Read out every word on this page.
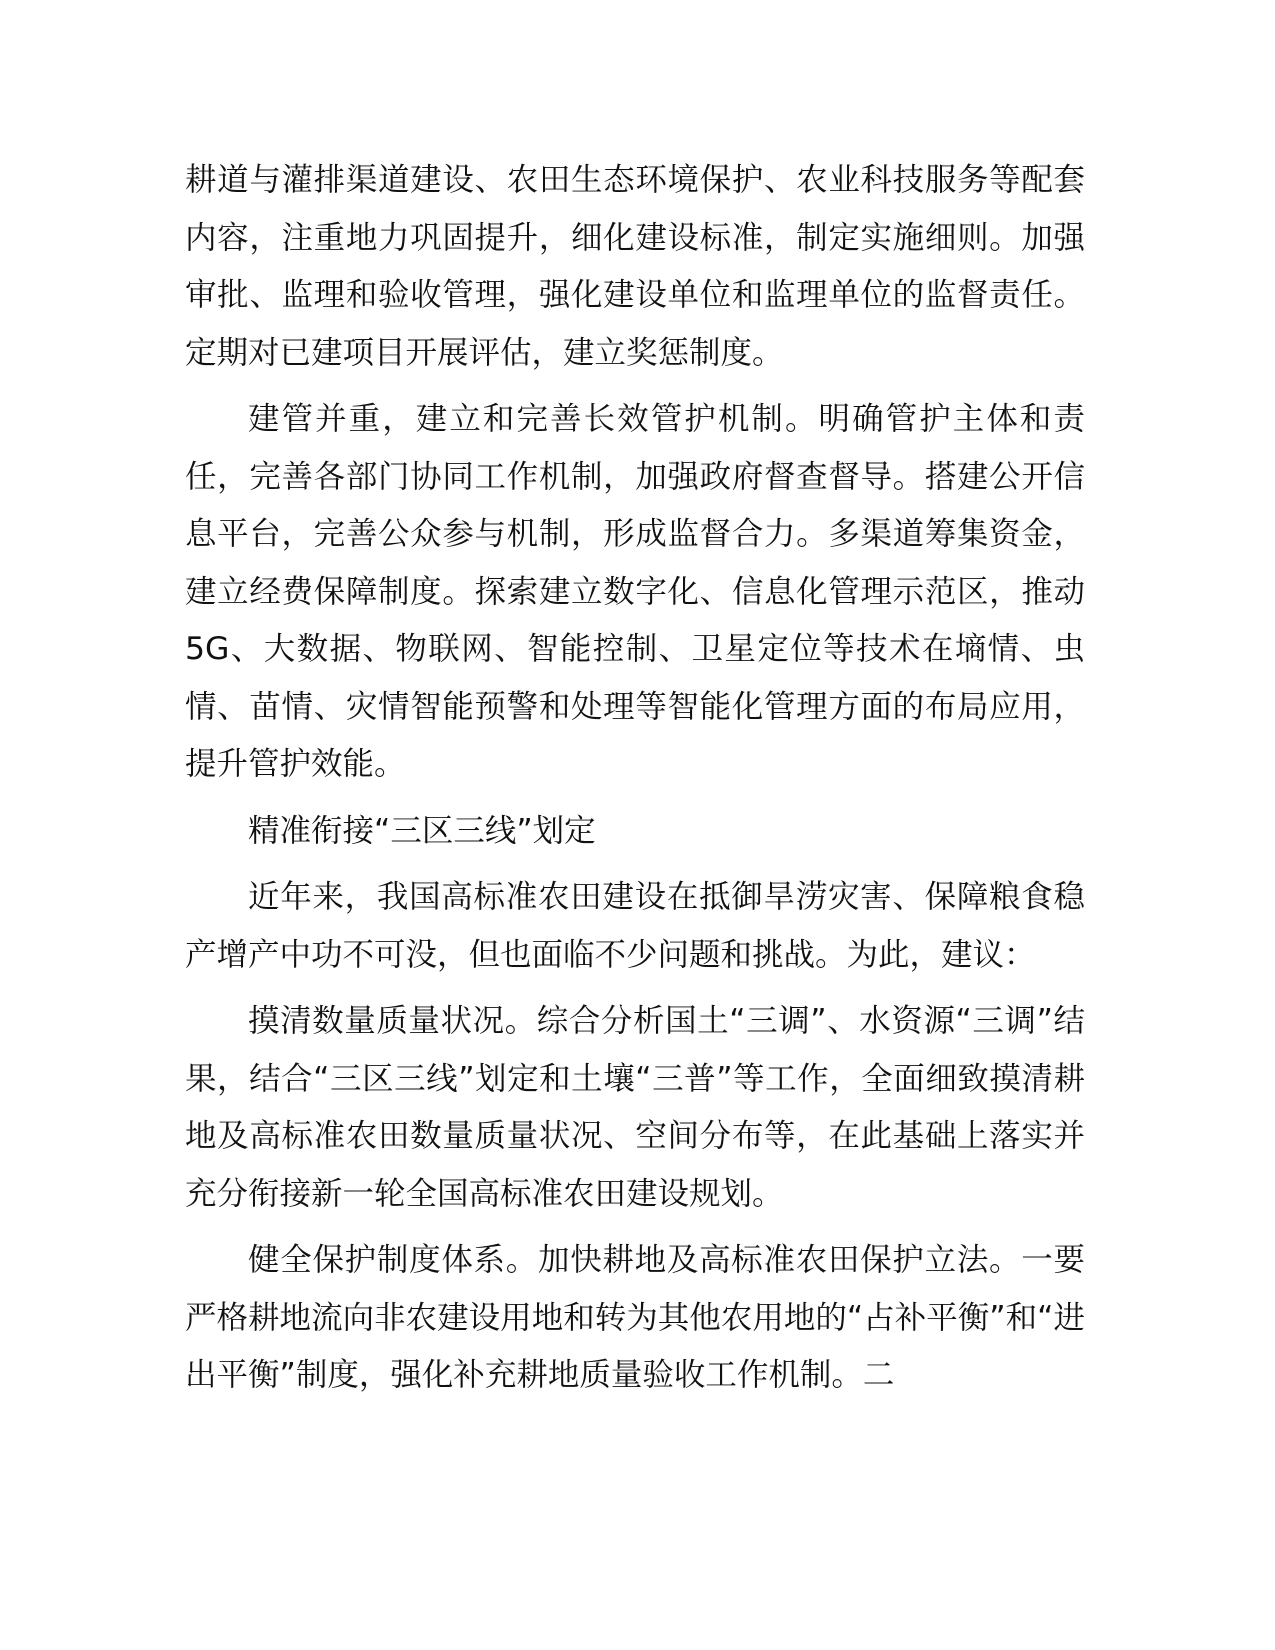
耕道与灌排渠道建设、农田生态环境保护、农业科技服务等配套内容，注重地力巩固提升，细化建设标准，制定实施细则。加强审批、监理和验收管理，强化建设单位和监理单位的监督责任。定期对已建项目开展评估，建立奖惩制度。

建管并重，建立和完善长效管护机制。明确管护主体和责任，完善各部门协同工作机制，加强政府督查督导。搭建公开信息平台，完善公众参与机制，形成监督合力。多渠道筹集资金，建立经费保障制度。探索建立数字化、信息化管理示范区，推动 5G、大数据、物联网、智能控制、卫星定位等技术在墒情、虫情、苗情、灾情智能预警和处理等智能化管理方面的布局应用，提升管护效能。

精准衔接“三区三线”划定

近年来，我国高标准农田建设在抵御旱涝灾害、保障粮食稳产增产中功不可没，但也面临不少问题和挑战。为此，建议：

摸清数量质量状况。综合分析国土“三调”、水资源“三调”结果，结合“三区三线”划定和土壤“三普”等工作，全面细致摸清耕地及高标准农田数量质量状况、空间分布等，在此基础上落实并充分衔接新一轮全国高标准农田建设规划。

健全保护制度体系。加快耕地及高标准农田保护立法。一要严格耕地流向非农建设用地和转为其他农用地的“占补平衡”和“进出平衡”制度，强化补充耕地质量验收工作机制。二
